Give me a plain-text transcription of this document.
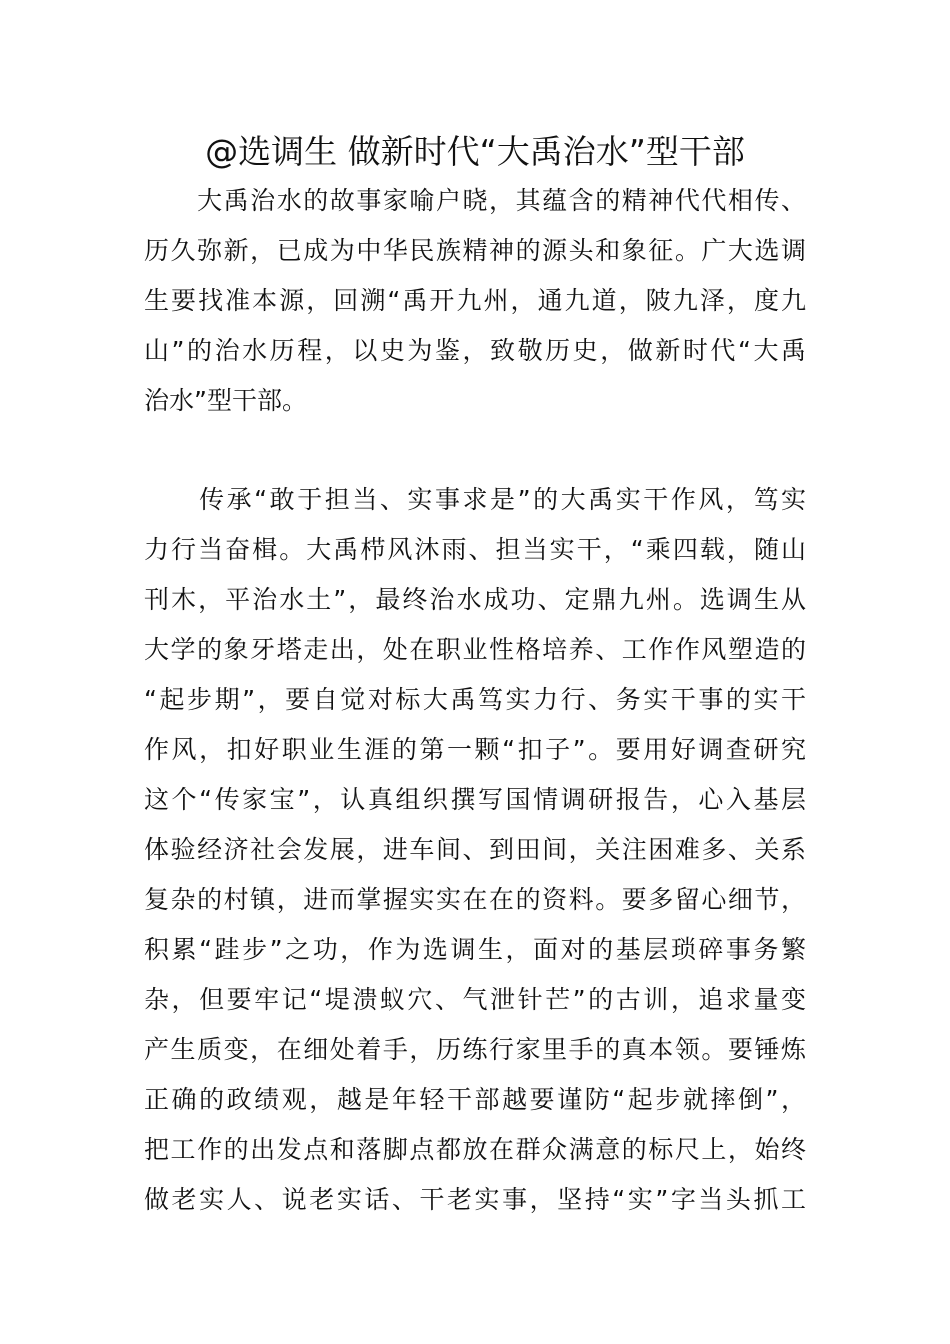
@选调生 做新时代“大禹治水”型干部
　　大禹治水的故事家喻户晓，其蕴含的精神代代相传、
历久弥新，已成为中华民族精神的源头和象征。广大选调
生要找准本源，回溯“禹开九州，通九道，陂九泽，度九
山”的治水历程，以史为鉴，致敬历史，做新时代“大禹
治水”型干部。
　　传承“敢于担当、实事求是”的大禹实干作风，笃实
力行当奋楫。大禹栉风沐雨、担当实干，“乘四载，随山
刊木，平治水土”，最终治水成功、定鼎九州。选调生从
大学的象牙塔走出，处在职业性格培养、工作作风塑造的
“起步期”，要自觉对标大禹笃实力行、务实干事的实干
作风，扣好职业生涯的第一颗“扣子”。要用好调查研究
这个“传家宝”，认真组织撰写国情调研报告，心入基层
体验经济社会发展，进车间、到田间，关注困难多、关系
复杂的村镇，进而掌握实实在在的资料。要多留心细节，
积累“跬步”之功，作为选调生，面对的基层琐碎事务繁
杂，但要牢记“堤溃蚁穴、气泄针芒”的古训，追求量变
产生质变，在细处着手，历练行家里手的真本领。要锤炼
正确的政绩观，越是年轻干部越要谨防“起步就摔倒”，
把工作的出发点和落脚点都放在群众满意的标尺上，始终
做老实人、说老实话、干老实事，坚持“实”字当头抓工
